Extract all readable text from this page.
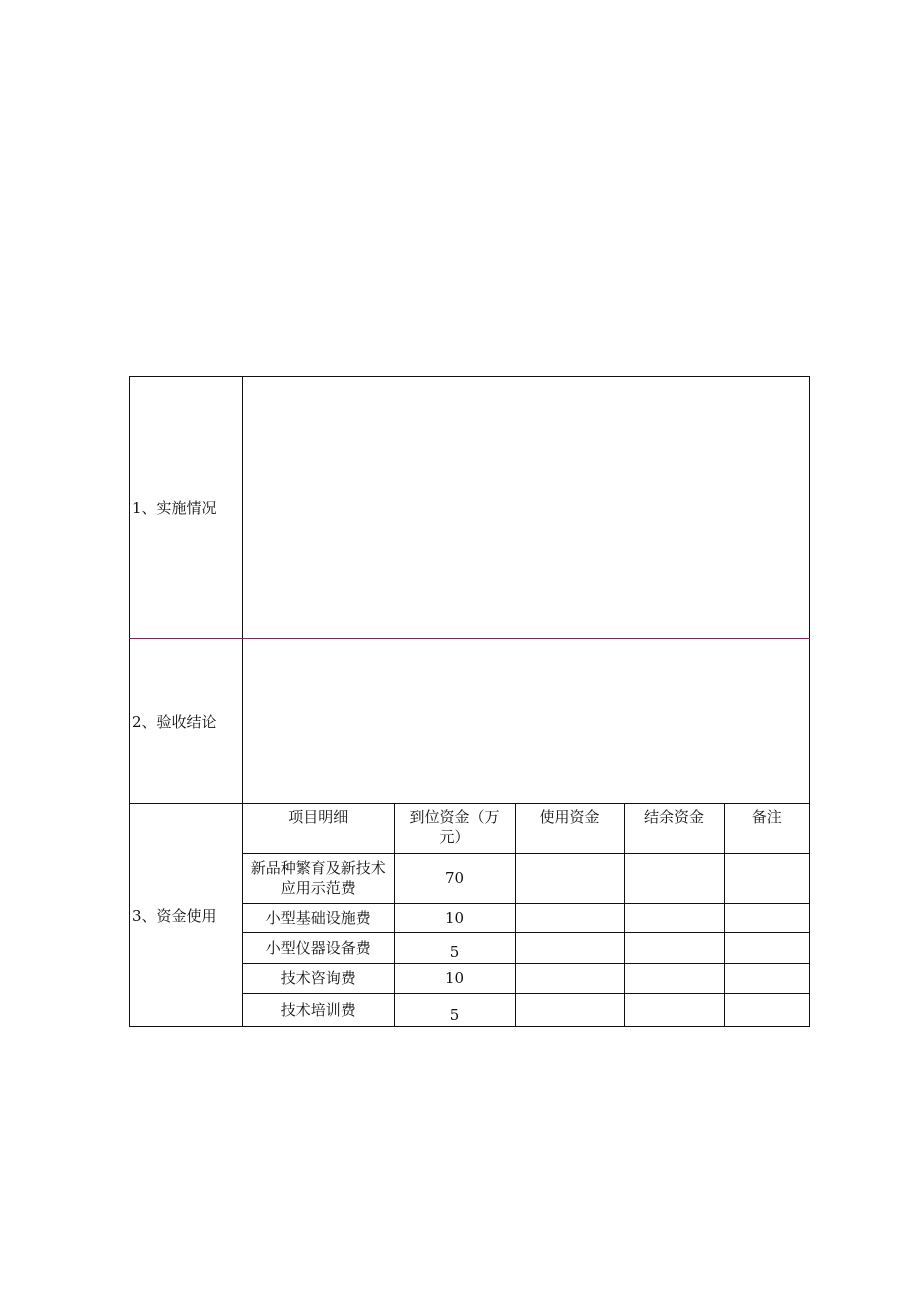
1、实施情况	
2、验收结论	
3、资金使用	
项目明细	到位资金（万元）	使用资金	结余资金	备注
新品种繁育及新技术应用示范费	70			
小型基础设施费	10			
小型仪器设备费	5			
技术咨询费	10			
技术培训费	5			
